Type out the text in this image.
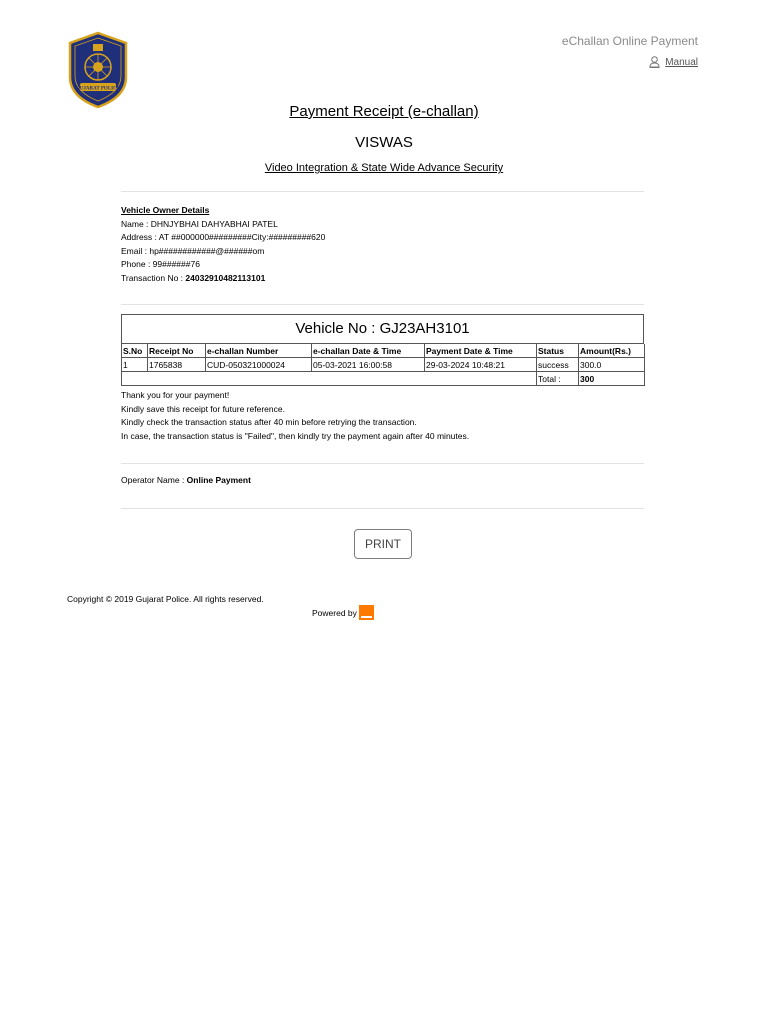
GUJARAT POLICE
eChallan Online Payment
Manual
Payment Receipt (e-challan)
VISWAS
Video Integration & State Wide Advance Security
Vehicle Owner Details
Name : DHNJYBHAI DAHYABHAI PATEL
Address : AT ##000000#########City:#########620
Email : hp############@######om
Phone : 99######76
Transaction No : 24032910482113101
Vehicle No : GJ23AH3101
S.No	Receipt No	e-challan Number	e-challan Date & Time	Payment Date & Time	Status	Amount(Rs.)
1	1765838	CUD-050321000024	05-03-2021 16:00:58	29-03-2024 10:48:21	success	300.0
					Total :	300
Thank you for your payment!
Kindly save this receipt for future reference.
Kindly check the transaction status after 40 min before retrying the transaction.
In case, the transaction status is "Failed", then kindly try the payment again after 40 minutes.
Operator Name : Online Payment
PRINT
Copyright © 2019 Gujarat Police. All rights reserved.
Powered by
